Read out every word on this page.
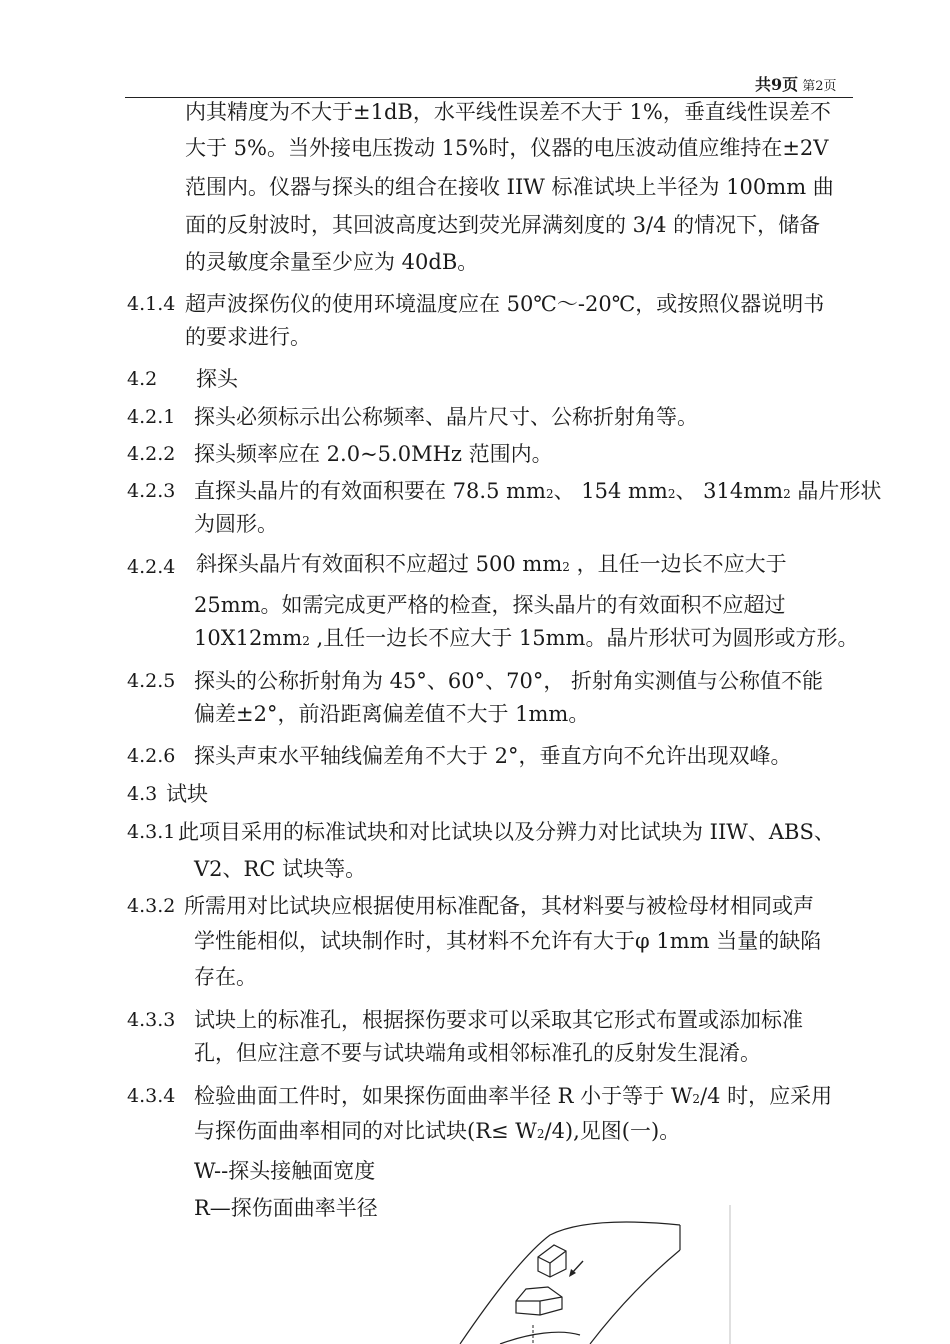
共9页 第2页
内其精度为不大于±1dB，水平线性误差不大于 1%，垂直线性误差不
大于 5%。当外接电压拨动 15%时，仪器的电压波动值应维持在±2V
范围内。仪器与探头的组合在接收 IIW 标准试块上半径为 100mm 曲
面的反射波时，其回波高度达到荧光屏满刻度的 3/4 的情况下，储备
的灵敏度余量至少应为 40dB。
4.1.4 超声波探伤仪的使用环境温度应在 50℃～-20℃，或按照仪器说明书
的要求进行。
4.2 探头
4.2.1 探头必须标示出公称频率、晶片尺寸、公称折射角等。
4.2.2 探头频率应在 2.0~5.0MHz 范围内。
4.2.3 直探头晶片的有效面积要在 78.5 mm2、 154 mm2、 314mm2 晶片形状
为圆形。
4.2.4 斜探头晶片有效面积不应超过 500 mm2 ，且任一边长不应大于
25mm。如需完成更严格的检查，探头晶片的有效面积不应超过
10X12mm2 ,且任一边长不应大于 15mm。晶片形状可为圆形或方形。
4.2.5 探头的公称折射角为 45°、60°、70°， 折射角实测值与公称值不能
偏差±2°，前沿距离偏差值不大于 1mm。
4.2.6 探头声束水平轴线偏差角不大于 2°，垂直方向不允许出现双峰。
4.3 试块
4.3.1 此项目采用的标准试块和对比试块以及分辨力对比试块为 IIW、ABS、
V2、RC 试块等。
4.3.2 所需用对比试块应根据使用标准配备，其材料要与被检母材相同或声
学性能相似，试块制作时，其材料不允许有大于φ 1mm 当量的缺陷
存在。
4.3.3 试块上的标准孔，根据探伤要求可以采取其它形式布置或添加标准
孔，但应注意不要与试块端角或相邻标准孔的反射发生混淆。
4.3.4 检验曲面工件时，如果探伤面曲率半径 R 小于等于 W2/4 时，应采用
与探伤面曲率相同的对比试块(R≤ W2/4),见图(一)。
W--探头接触面宽度
R—探伤面曲率半径
